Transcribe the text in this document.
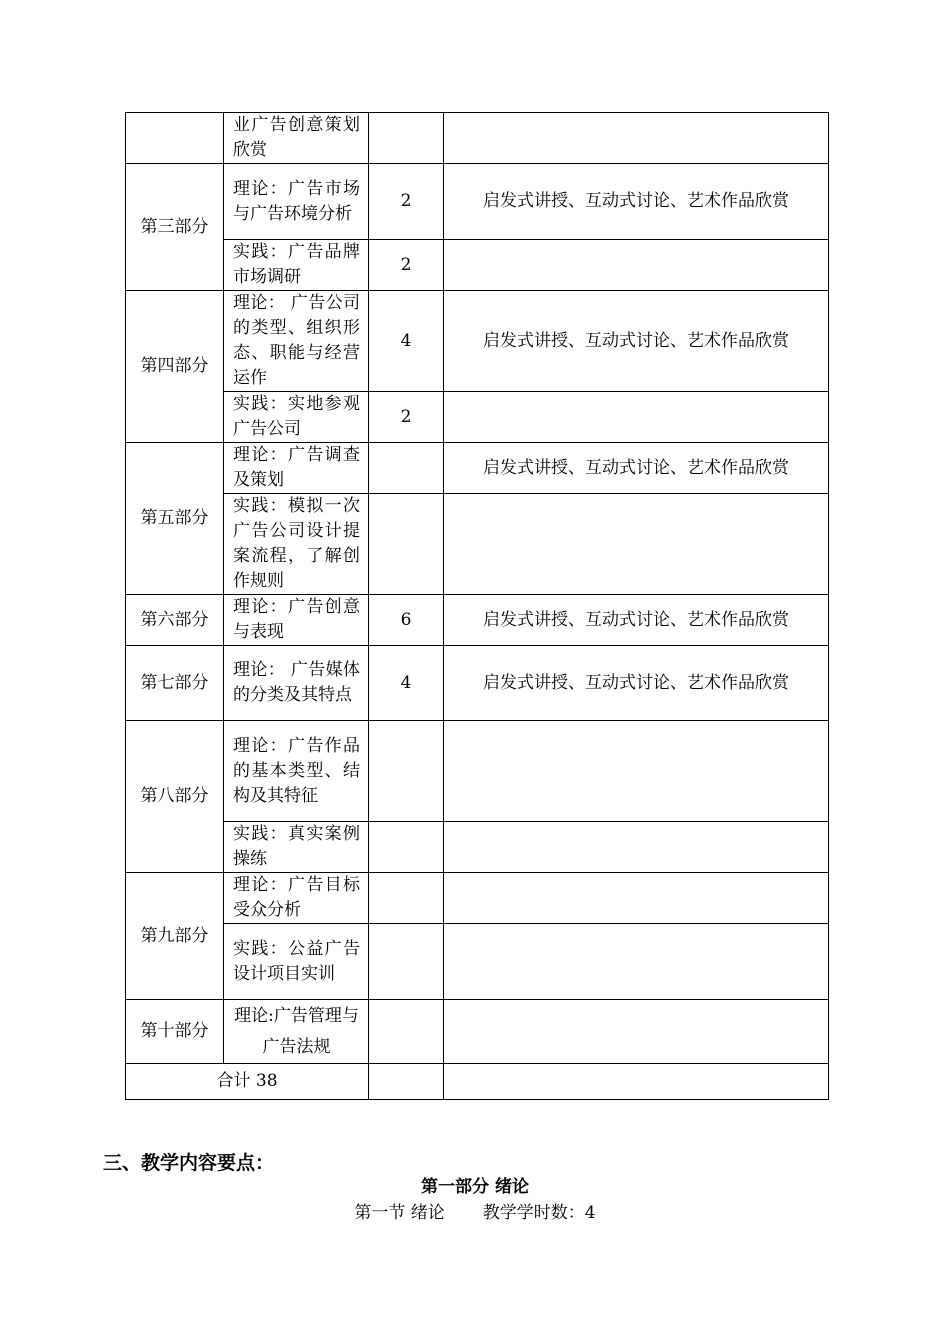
	业广告创意策划欣赏		
第三部分	理论：广告市场与广告环境分析	2	启发式讲授、互动式讨论、艺术作品欣赏
	实践：广告品牌市场调研	2	
第四部分	理论： 广告公司的类型、组织形态、职能与经营运作	4	启发式讲授、互动式讨论、艺术作品欣赏
	实践：实地参观广告公司	2	
第五部分	理论：广告调查及策划		启发式讲授、互动式讨论、艺术作品欣赏
	实践：模拟一次广告公司设计提案流程，了解创作规则		
第六部分	理论：广告创意与表现	6	启发式讲授、互动式讨论、艺术作品欣赏
第七部分	理论： 广告媒体的分类及其特点	4	启发式讲授、互动式讨论、艺术作品欣赏
第八部分	理论：广告作品的基本类型、结构及其特征		
	实践：真实案例操练		
第九部分	理论：广告目标受众分析		
	实践：公益广告设计项目实训		
第十部分	理论:广告管理与广告法规		
合计 38			
三、教学内容要点：
第一部分 绪论

第一节 绪论 教学学时数：4
